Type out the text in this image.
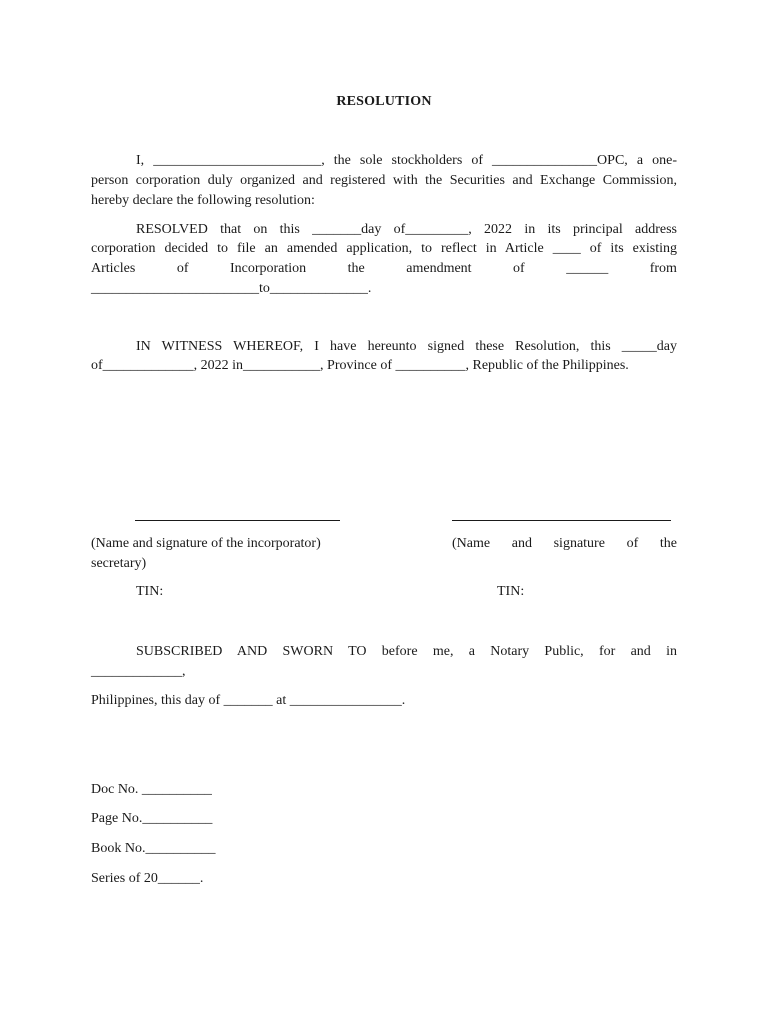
RESOLUTION
I, ________________________, the sole stockholders of _______________OPC, a one-
person corporation duly organized and registered with the Securities and Exchange Commission,
hereby declare the following resolution:
RESOLVED that on this _______day of_________, 2022 in its principal address
corporation decided to file an amended application, to reflect in Article ____ of its existing
Articles	of	Incorporation	the	amendment	of	______	from
________________________to______________.
IN WITNESS WHEREOF, I have hereunto signed these Resolution, this _____day
of_____________, 2022 in___________, Province of __________, Republic of the Philippines.
(Name and signature of the incorporator)	(Name and signature of the
secretary)
TIN:	TIN:
SUBSCRIBED AND SWORN TO before me, a Notary Public, for and in
_____________,
Philippines, this day of _______ at ________________.
Doc No. __________
Page No.__________
Book No.__________
Series of 20______.
